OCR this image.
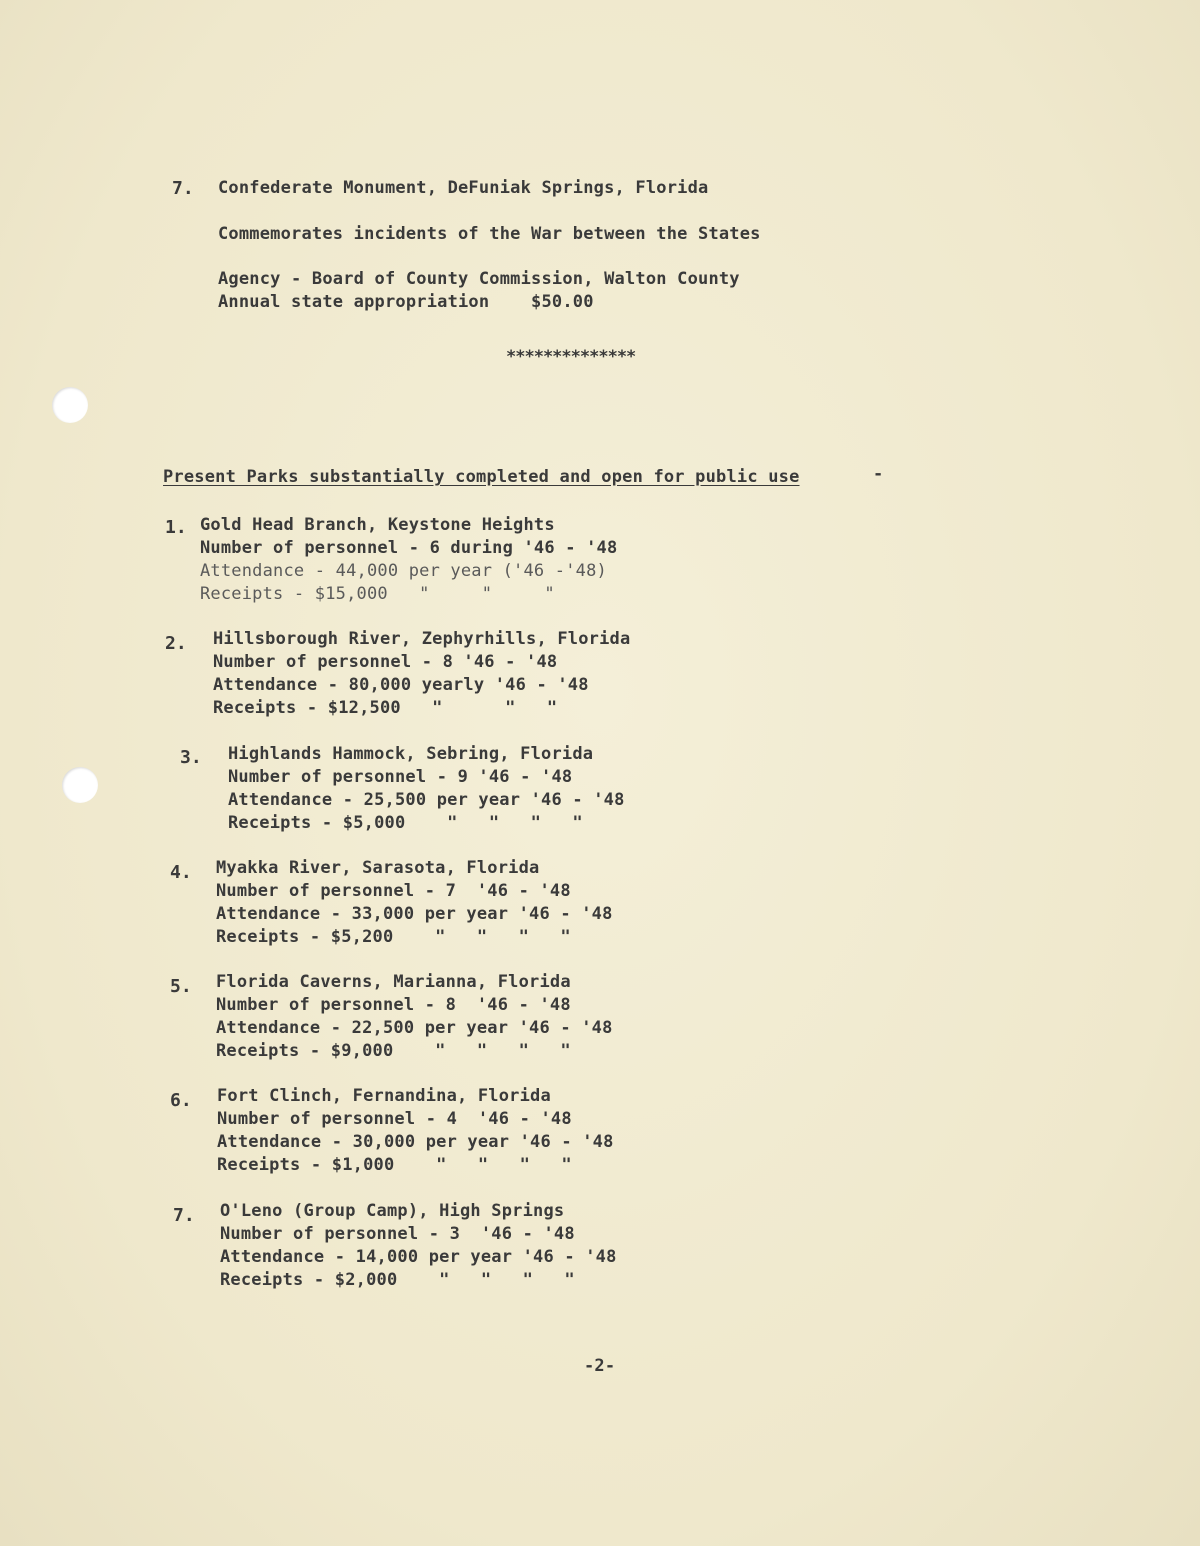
7. Confederate Monument, DeFuniak Springs, Florida
Commemorates incidents of the War between the States
Agency - Board of County Commission, Walton County
Annual state appropriation    $50.00
**************
Present Parks substantially completed and open for public use	-
1. Gold Head Branch, Keystone Heights
Number of personnel - 6 during '46 - '48
Attendance - 44,000 per year ('46 -'48)
Receipts - $15,000   "     "     "
2. Hillsborough River, Zephyrhills, Florida
Number of personnel - 8 '46 - '48
Attendance - 80,000 yearly '46 - '48
Receipts - $12,500   "      "   "
3. Highlands Hammock, Sebring, Florida
Number of personnel - 9 '46 - '48
Attendance - 25,500 per year '46 - '48
Receipts - $5,000    "   "   "   "
4. Myakka River, Sarasota, Florida
Number of personnel - 7  '46 - '48
Attendance - 33,000 per year '46 - '48
Receipts - $5,200    "   "   "   "
5. Florida Caverns, Marianna, Florida
Number of personnel - 8  '46 - '48
Attendance - 22,500 per year '46 - '48
Receipts - $9,000    "   "   "   "
6. Fort Clinch, Fernandina, Florida
Number of personnel - 4  '46 - '48
Attendance - 30,000 per year '46 - '48
Receipts - $1,000    "   "   "   "
7. O'Leno (Group Camp), High Springs
Number of personnel - 3  '46 - '48
Attendance - 14,000 per year '46 - '48
Receipts - $2,000    "   "   "   "
-2-
